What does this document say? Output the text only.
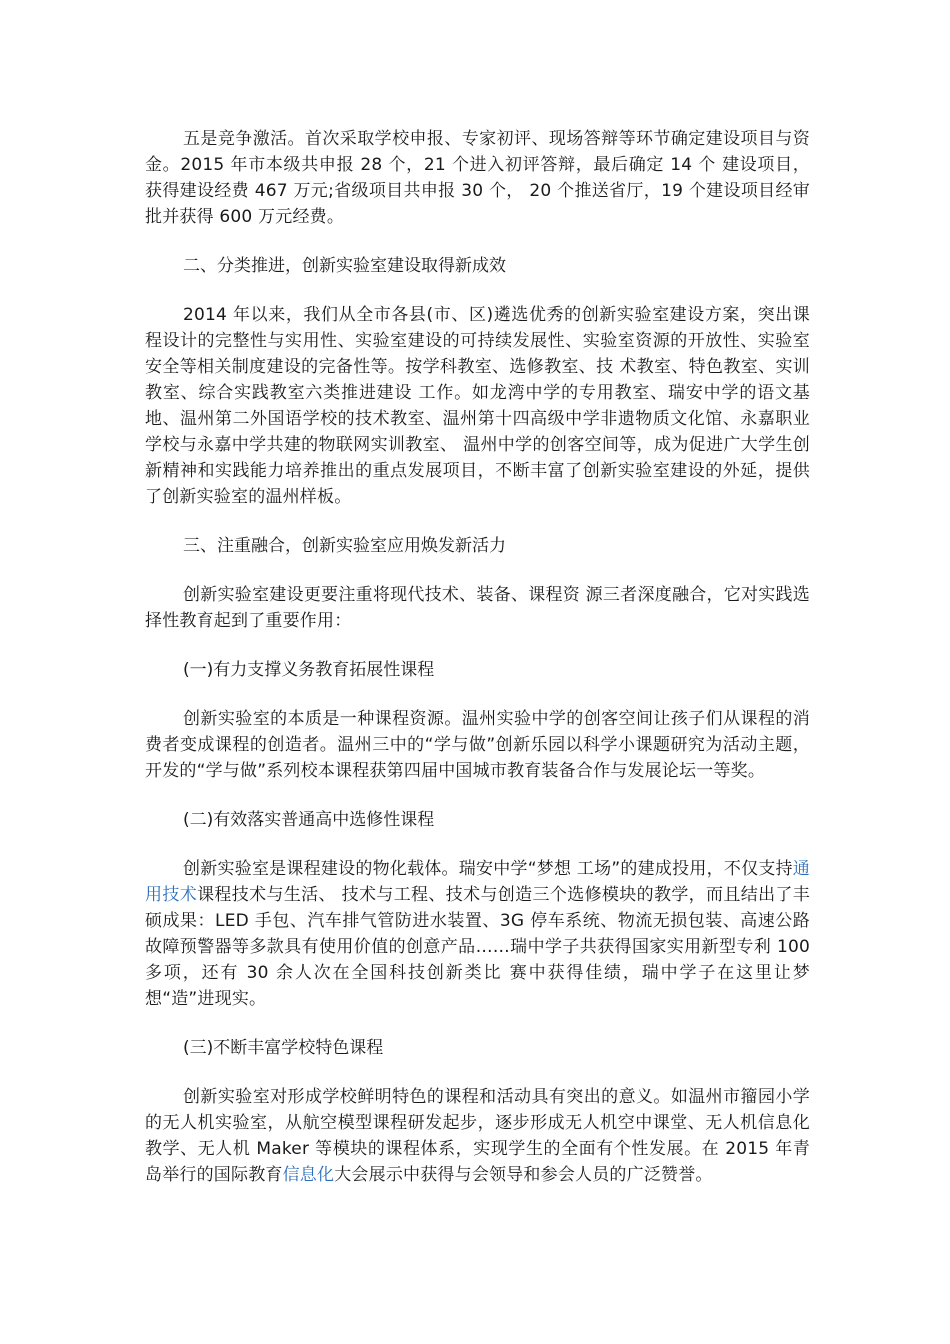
五是竞争激活。首次采取学校申报、专家初评、现场答辩等环节确定建设项目与资金。2015 年市本级共申报 28 个，21 个进入初评答辩，最后确定 14 个 建设项目，获得建设经费 467 万元;省级项目共申报 30 个， 20 个推送省厅，19 个建设项目经审批并获得 600 万元经费。

二、分类推进，创新实验室建设取得新成效

2014 年以来，我们从全市各县(市、区)遴选优秀的创新实验室建设方案，突出课程设计的完整性与实用性、实验室建设的可持续发展性、实验室资源的开放性、实验室安全等相关制度建设的完备性等。按学科教室、选修教室、技 术教室、特色教室、实训教室、综合实践教室六类推进建设 工作。如龙湾中学的专用教室、瑞安中学的语文基地、温州第二外国语学校的技术教室、温州第十四高级中学非遗物质文化馆、永嘉职业学校与永嘉中学共建的物联网实训教室、 温州中学的创客空间等，成为促进广大学生创新精神和实践能力培养推出的重点发展项目，不断丰富了创新实验室建设的外延，提供了创新实验室的温州样板。

三、注重融合，创新实验室应用焕发新活力

创新实验室建设更要注重将现代技术、装备、课程资 源三者深度融合，它对实践选择性教育起到了重要作用：

(一)有力支撑义务教育拓展性课程

创新实验室的本质是一种课程资源。温州实验中学的创客空间让孩子们从课程的消费者变成课程的创造者。温州三中的“学与做”创新乐园以科学小课题研究为活动主题，开发的“学与做”系列校本课程获第四届中国城市教育装备合作与发展论坛一等奖。

(二)有效落实普通高中选修性课程

创新实验室是课程建设的物化载体。瑞安中学“梦想 工场”的建成投用，不仅支持通用技术课程技术与生活、 技术与工程、技术与创造三个选修模块的教学，而且结出了丰硕成果：LED 手包、汽车排气管防进水装置、3G 停车系统、物流无损包装、高速公路故障预警器等多款具有使用价值的创意产品……瑞中学子共获得国家实用新型专利 100 多项，还有 30 余人次在全国科技创新类比 赛中获得佳绩，瑞中学子在这里让梦想“造”进现实。

(三)不断丰富学校特色课程

创新实验室对形成学校鲜明特色的课程和活动具有突出的意义。如温州市籀园小学的无人机实验室，从航空模型课程研发起步，逐步形成无人机空中课堂、无人机信息化教学、无人机 Maker 等模块的课程体系，实现学生的全面有个性发展。在 2015 年青岛举行的国际教育信息化大会展示中获得与会领导和参会人员的广泛赞誉。
